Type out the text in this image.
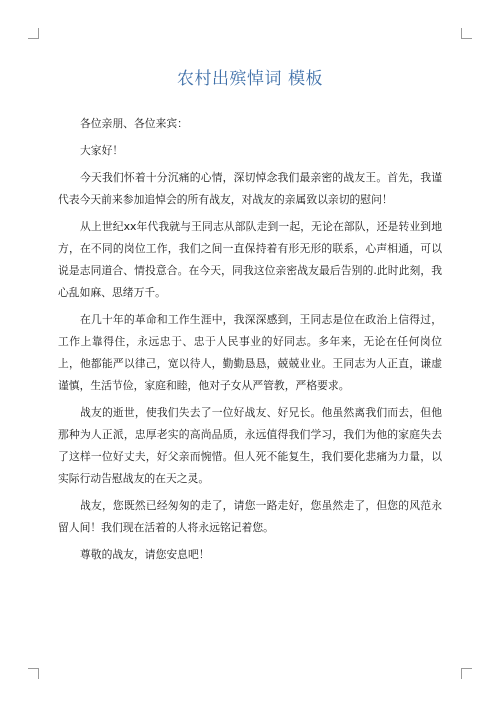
农村出殡悼词 模板

各位亲朋、各位来宾：

大家好！

今天我们怀着十分沉痛的心情，深切悼念我们最亲密的战友王。首先，我谨代表今天前来参加追悼会的所有战友，对战友的亲属致以亲切的慰问！

从上世纪xx年代我就与王同志从部队走到一起，无论在部队，还是转业到地方，在不同的岗位工作，我们之间一直保持着有形无形的联系，心声相通，可以说是志同道合、情投意合。在今天，同我这位亲密战友最后告别的.此时此刻，我心乱如麻、思绪万千。

在几十年的革命和工作生涯中，我深深感到，王同志是位在政治上信得过，工作上靠得住，永远忠于、忠于人民事业的好同志。多年来，无论在任何岗位上，他都能严以律己，宽以待人，勤勤恳恳，兢兢业业。王同志为人正直，谦虚谨慎，生活节俭，家庭和睦，他对子女从严管教，严格要求。

战友的逝世，使我们失去了一位好战友、好兄长。他虽然离我们而去，但他那种为人正派，忠厚老实的高尚品质，永远值得我们学习，我们为他的家庭失去了这样一位好丈夫，好父亲而惋惜。但人死不能复生，我们要化悲痛为力量，以实际行动告慰战友的在天之灵。

战友，您既然已经匆匆的走了，请您一路走好，您虽然走了，但您的风范永留人间！我们现在活着的人将永远铭记着您。

尊敬的战友，请您安息吧！
